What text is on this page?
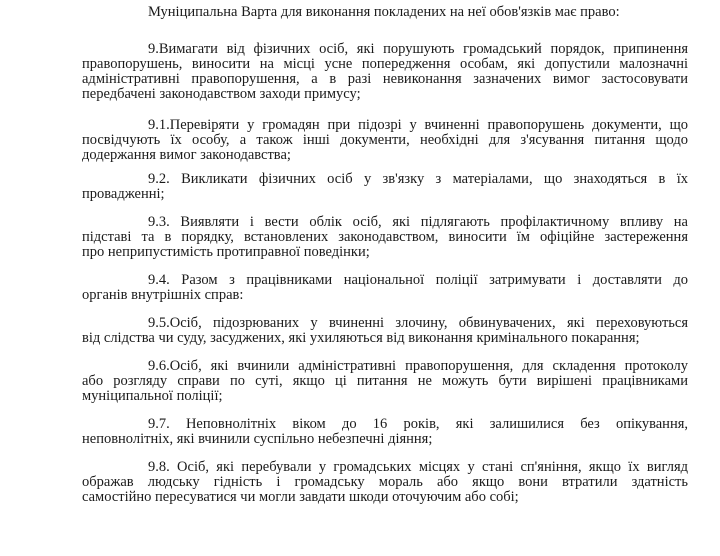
Муніципальна Варта для виконання покладених на неї обов'язків має право:
9.Вимагати від фізичних осіб, які порушують громадський порядок, припинення
правопорушень, виносити на місці усне попередження особам, які допустили малозначні
адміністративні правопорушення, а в разі невиконання зазначених вимог застосовувати
передбачені законодавством заходи примусу;
9.1.Перевіряти у громадян при підозрі у вчиненні правопорушень документи, що
посвідчують їх особу, а також інші документи, необхідні для з'ясування питання щодо
додержання вимог законодавства;
9.2. Викликати фізичних осіб у зв'язку з матеріалами, що знаходяться в їх
провадженні;
9.3. Виявляти і вести облік осіб, які підлягають профілактичному впливу на
підставі та в порядку, встановлених законодавством, виносити їм офіційне застереження
про неприпустимість протиправної поведінки;
9.4. Разом з працівниками національної поліції затримувати і доставляти до
органів внутрішніх справ:
9.5.Осіб, підозрюваних у вчиненні злочину, обвинувачених, які переховуються
від слідства чи суду, засуджених, які ухиляються від виконання кримінального покарання;
9.6.Осіб, які вчинили адміністративні правопорушення, для складення протоколу
або розгляду справи по суті, якщо ці питання не можуть бути вирішені працівниками
муніципальної поліції;
9.7. Неповнолітніх віком до 16 років, які залишилися без опікування,
неповнолітніх, які вчинили суспільно небезпечні діяння;
9.8. Осіб, які перебували у громадських місцях у стані сп'яніння, якщо їх вигляд
ображав людську гідність і громадську мораль або якщо вони втратили здатність
самостійно пересуватися чи могли завдати шкоди оточуючим або собі;
